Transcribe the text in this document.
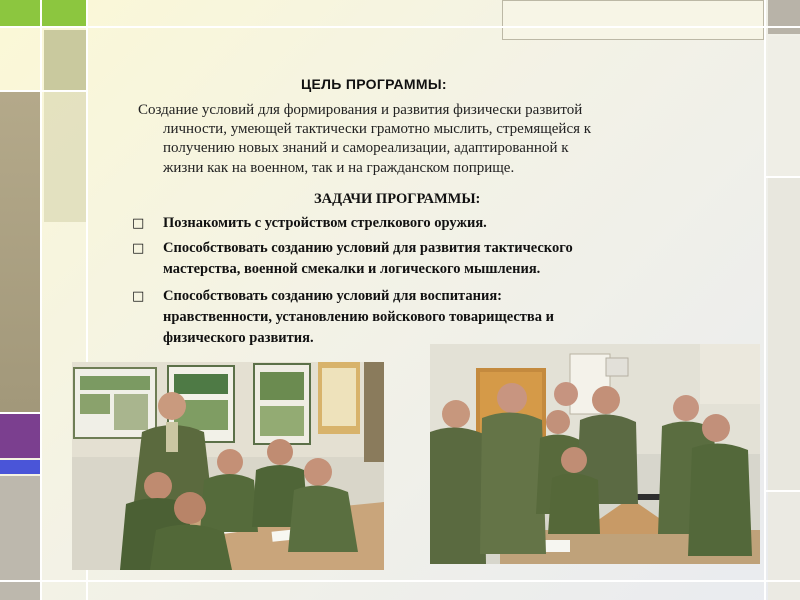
ЦЕЛЬ ПРОГРАММЫ:
Создание условий для формирования и развития физически развитой
личности, умеющей тактически грамотно мыслить, стремящейся к
получению новых знаний и самореализации, адаптированной к
жизни как на военном, так и на гражданском поприще.
ЗАДАЧИ ПРОГРАММЫ:
□ Познакомить с устройством стрелкового оружия.
□ Способствовать созданию условий для развития тактического
мастерства, военной смекалки и логического мышления.
□ Способствовать созданию условий для воспитания:
нравственности, установлению войскового товарищества и
физического развития.
